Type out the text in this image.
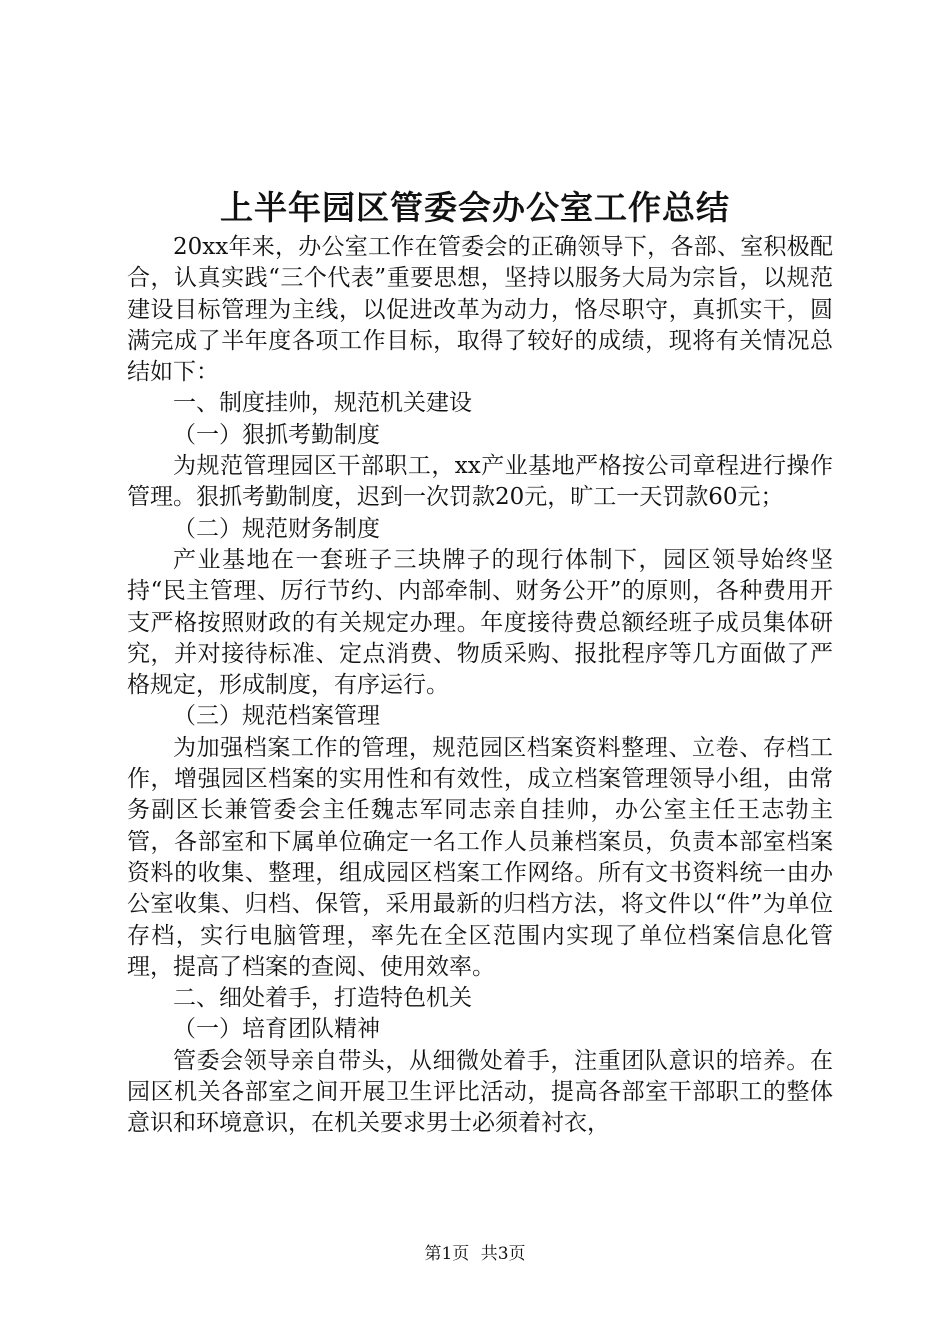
上半年园区管委会办公室工作总结

20xx年来，办公室工作在管委会的正确领导下，各部、室积极配合，认真实践“三个代表”重要思想，坚持以服务大局为宗旨，以规范建设目标管理为主线，以促进改革为动力，恪尽职守，真抓实干，圆满完成了半年度各项工作目标，取得了较好的成绩，现将有关情况总结如下：

一、制度挂帅，规范机关建设

（一）狠抓考勤制度

为规范管理园区干部职工，xx产业基地严格按公司章程进行操作管理。狠抓考勤制度，迟到一次罚款20元，旷工一天罚款60元；

（二）规范财务制度

产业基地在一套班子三块牌子的现行体制下，园区领导始终坚持“民主管理、厉行节约、内部牵制、财务公开”的原则，各种费用开支严格按照财政的有关规定办理。年度接待费总额经班子成员集体研究，并对接待标准、定点消费、物质采购、报批程序等几方面做了严格规定，形成制度，有序运行。

（三）规范档案管理

为加强档案工作的管理，规范园区档案资料整理、立卷、存档工作，增强园区档案的实用性和有效性，成立档案管理领导小组，由常务副区长兼管委会主任魏志军同志亲自挂帅，办公室主任王志勃主管，各部室和下属单位确定一名工作人员兼档案员，负责本部室档案资料的收集、整理，组成园区档案工作网络。所有文书资料统一由办公室收集、归档、保管，采用最新的归档方法，将文件以“件”为单位存档，实行电脑管理，率先在全区范围内实现了单位档案信息化管理，提高了档案的查阅、使用效率。

二、细处着手，打造特色机关

（一）培育团队精神

管委会领导亲自带头，从细微处着手，注重团队意识的培养。在园区机关各部室之间开展卫生评比活动，提高各部室干部职工的整体意识和环境意识，在机关要求男士必须着衬衣，

第1页 共3页
